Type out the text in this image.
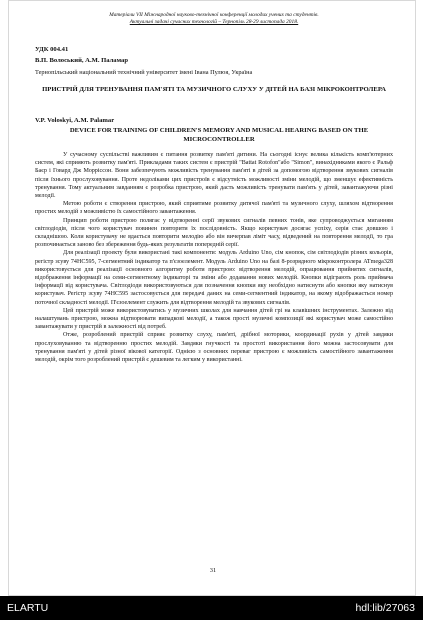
Матеріали VII Міжнародної науково-технічної конференції молодих учених та студентів.
Актуальні задачі сучасних технологій – Тернопіль 28-29 листопада 2018.
УДК 004.41
В.П. Волоський, А.М. Паламар
Тернопільський національний технічний університет імені Івана Пулюя, Україна
ПРИСТРІЙ ДЛЯ ТРЕНУВАННЯ ПАМ'ЯТІ ТА МУЗИЧНОГО СЛУХУ У ДІТЕЙ НА БАЗІ МІКРОКОНТРОЛЕРА
V.P. Voloskyi, A.M. Palamar
DEVICE FOR TRAINING OF CHILDREN'S MEMORY AND MUSICAL HEARING BASED ON THE MICROCONTROLLER

У сучасному суспільстві важливим є питання розвитку пам'яті дитини. На сьогодні існує велика кількість комп'ютерних систем, які сприяють розвитку пам'яті. Прикладами таких систем є пристрій "Battat Rotofon"або "Simon", винахідниками якого є Ральф Баєр і Говард Дж Морріссон. Вони забезпечують можливість тренування пам'яті в дітей за допомогою відтворення звукових сигналів після їхнього прослуховування. Проте недоліками цих пристроїв є відсутність можливості зміни мелодій, що зменшує ефективність тренування. Тому актуальним завданням є розробка пристрою, який дасть можливість тренувати пам'ять у дітей, завантажуючи різні мелодії.

Метою роботи є створення пристрою, який сприятиме розвитку дитячої пам'яті та музичного слуху, шляхом відтворення простих мелодій з можливістю їх самостійного завантаження.

Принцип роботи пристрою полягає у відтворенні серії звукових сигналів певних тонів, яке супроводжується миганням світлодіодів, після чого користувач повинен повторити їх послідовність. Якщо користувач досягає успіху, серія стає довшою і складнішою. Коли користувачу не вдається повторити мелодію або він вичерпав ліміт часу, відведений на повторення мелодії, то гра розпочинається заново без збереження будь-яких результатів попередній серії.

Для реалізації проекту були використані такі компоненти: модуль Arduino Uno, сім кнопок, сім світлодіодів різних кольорів, регістр зсуву 74HC595, 7-сегментний індикатор та п'єзоелемент. Модуль Arduino Uno на базі 8-розрядного мікроконтролера ATmega328 використовується для реалізації основного алгоритму роботи пристрою: відтворення мелодій, опрацювання прийнятих сигналів, відображення інформації на семи-сегментному індикаторі та зміни або додавання нових мелодій. Кнопки відіграють роль приймача інформації від користувача. Світлодіоди використовуються для позначення кнопки яку необхідно натиснути або кнопки яку натиснув користувач. Регістр зсуву 74HC595 застосовується для передачі даних на семи-сегментний індикатор, на якому відображається номер поточної складності мелодії. П'єзоелемент служить для відтворення мелодій та звукових сигналів.

Цей пристрій може використовуватись у музичних школах для навчання дітей грі на клавішних інструментах. Залежно від налаштувань пристрою, можна відтворювати випадкові мелодії, а також прості музичні композиції які користувач може самостійно завантажувати у пристрій в залежності від потреб.

Отже, розроблений пристрій сприяє розвитку слуху, пам'яті, дрібної моторики, координації рухів у дітей завдяки прослуховуванню та відтворенню простих мелодій. Завдяки гнучкості та простоті використання його можна застосовувати для тренування пам'яті у дітей різної вікової категорії. Однією з основних переваг пристрою є можливість самостійного завантаження мелодій, окрім того розроблений пристрій є дешевим та легким у використанні.

31
ELARTU	hdl:lib/27063
